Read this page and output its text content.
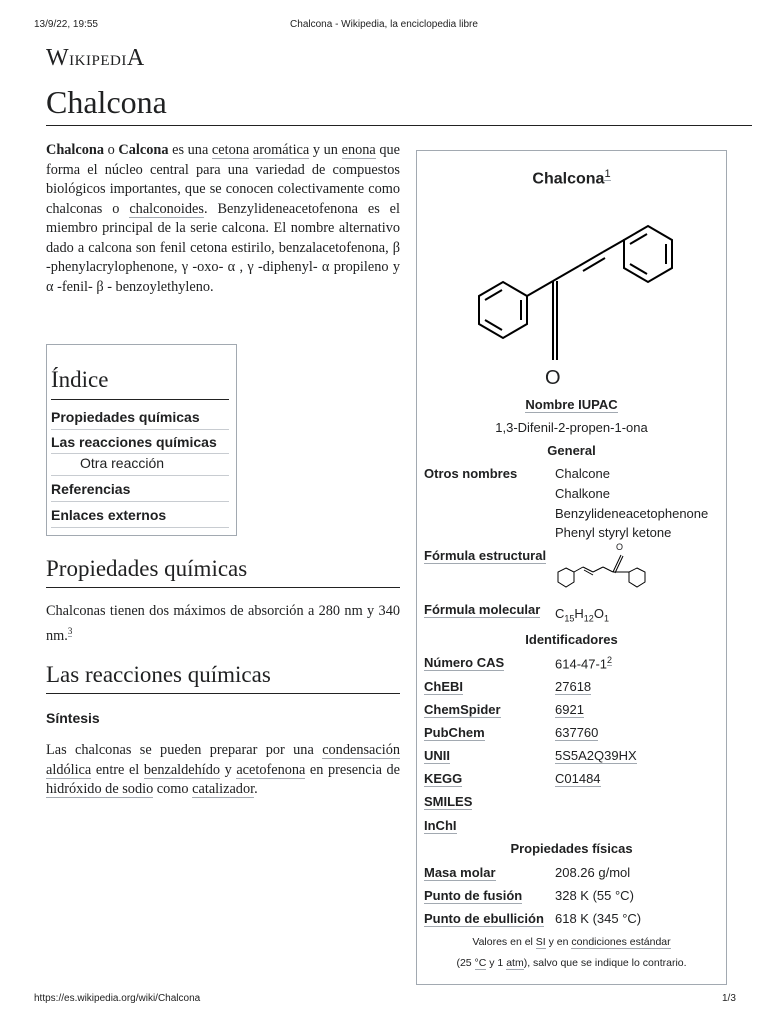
13/9/22, 19:55	Chalcona - Wikipedia, la enciclopedia libre
https://es.wikipedia.org/wiki/Chalcona	1/3
WikipediA
Chalcona
Chalcona o Calcona es una cetona aromática y un enona que forma el núcleo central para una variedad de compuestos biológicos importantes, que se conocen colectivamente como chalconas o chalconoides. Benzylideneacetofenona es el miembro principal de la serie calcona. El nombre alternativo dado a calcona son fenil cetona estirilo, benzalacetofenona, β -phenylacrylophenone, γ -oxo- α , γ -diphenyl- α propileno y α -fenil- β - benzoylethyleno.
Índice
Propiedades químicas
Las reacciones químicas
Otra reacción
Referencias
Enlaces externos
Propiedades químicas
Chalconas tienen dos máximos de absorción a 280 nm y 340 nm.$^3$
Las reacciones químicas
Síntesis
Las chalconas se pueden preparar por una condensación aldólica entre el benzaldehído y acetofenona en presencia de hidróxido de sodio como catalizador.
Chalcona$^1$
O
Nombre IUPAC
1,3-Difenil-2-propen-1-ona
General
Otros nombres	Chalcone
Chalkone
Benzylideneacetophenone
Phenyl styryl ketone
Fórmula estructural
O
Fórmula molecular $C_{15}H_{12}O_1$
Identificadores
Número CAS	$614-47-1^2$
ChEBI	27618
ChemSpider	6921
PubChem	637760
UNII	5S5A2Q39HX
KEGG	C01484
SMILES
InChI
Propiedades físicas
Masa molar	208.26 g/mol
Punto de fusión	328 K (55 °C)
Punto de ebullición 618 K (345 °C)
Valores en el SI y en condiciones estándar
(25 °C y 1 atm), salvo que se indique lo contrario.
